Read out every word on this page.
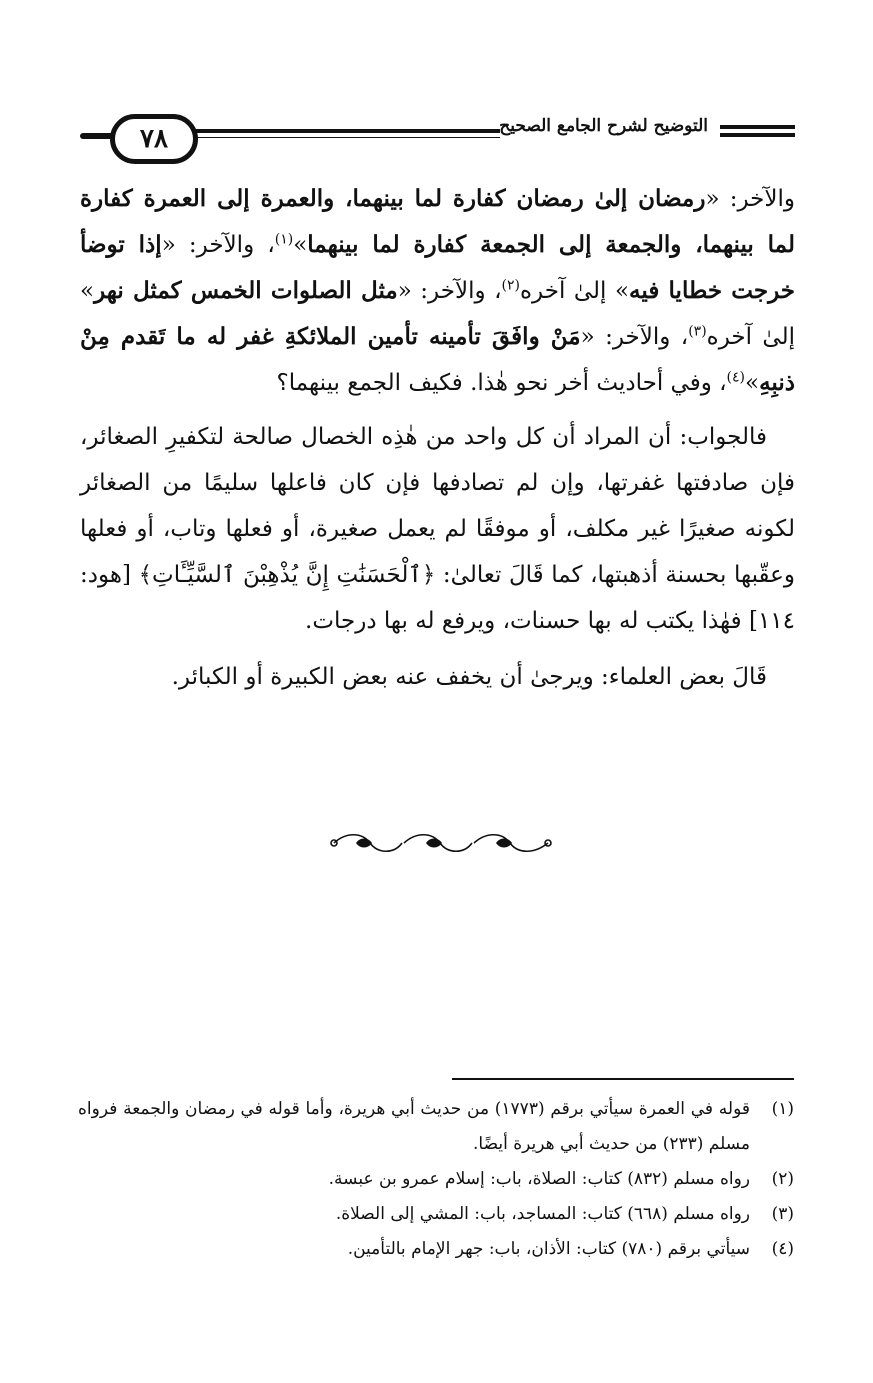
٧٨	التوضيح لشرح الجامع الصحيح

والآخر: «رمضان إلىٰ رمضان كفارة لما بينهما، والعمرة إلى العمرة كفارة لما بينهما، والجمعة إلى الجمعة كفارة لما بينهما»$^{(١)}$، والآخر: «إذا توضأ خرجت خطايا فيه» إلىٰ آخره$^{(٢)}$، والآخر: «مثل الصلوات الخمس كمثل نهر» إلىٰ آخره$^{(٣)}$، والآخر: «مَنْ وافَقَ تأمينه تأمين الملائكةِ غفر له ما تَقدم مِنْ ذنبِهِ»$^{(٤)}$، وفي أحاديث أخر نحو هٰذا. فكيف الجمع بينهما؟

فالجواب: أن المراد أن كل واحد من هٰذِه الخصال صالحة لتكفيرِ الصغائر، فإن صادفتها غفرتها، وإن لم تصادفها فإن كان فاعلها سليمًا من الصغائر لكونه صغيرًا غير مكلف، أو موفقًا لم يعمل صغيرة، أو فعلها وتاب، أو فعلها وعقّبها بحسنة أذهبتها، كما قَالَ تعالىٰ: ﴿ٱلْحَسَنَٰتِ إِنَّ يُذْهِبْنَ ٱلسَّيِّـَٔاتِ﴾ [هود: ١١٤] فهٰذا يكتب له بها حسنات، ويرفع له بها درجات.

قَالَ بعض العلماء: ويرجىٰ أن يخفف عنه بعض الكبيرة أو الكبائر.

(١)
قوله في العمرة سيأتي برقم (١٧٧٣) من حديث أبي هريرة، وأما قوله في رمضان والجمعة فرواه مسلم (٢٣٣) من حديث أبي هريرة أيضًا.
(٢)
رواه مسلم (٨٣٢) كتاب: الصلاة، باب: إسلام عمرو بن عبسة.
(٣)
رواه مسلم (٦٦٨) كتاب: المساجد، باب: المشي إلى الصلاة.
(٤)
سيأتي برقم (٧٨٠) كتاب: الأذان، باب: جهر الإمام بالتأمين.
